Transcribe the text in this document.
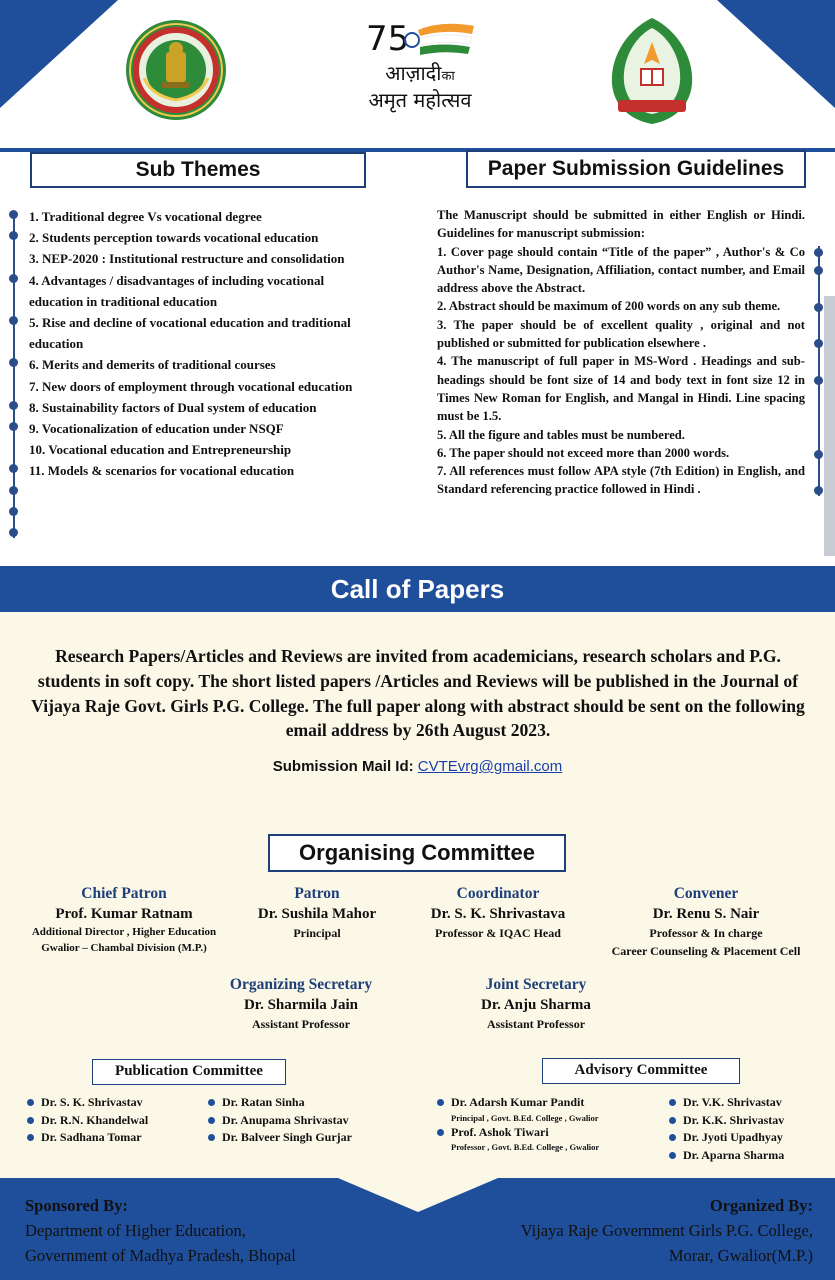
75
आज़ादीका
अमृत महोत्सव
Sub Themes	Paper Submission Guidelines
1. Traditional degree Vs vocational degree
2. Students perception towards vocational education
3. NEP-2020 : Institutional restructure and consolidation
4. Advantages / disadvantages of including vocational education in traditional education
5. Rise and decline of vocational education and traditional education
6. Merits and demerits of traditional courses
7. New doors of employment through vocational education
8. Sustainability factors of Dual system of education
9. Vocationalization of education under NSQF
10. Vocational education and Entrepreneurship
11. Models & scenarios for vocational education

The Manuscript should be submitted in either English or Hindi. Guidelines for manuscript submission:

1. Cover page should contain “Title of the paper” , Author's & Co Author's Name, Designation, Affiliation, contact number, and Email address above the Abstract.

2. Abstract should be maximum of 200 words on any sub theme.

3. The paper should be of excellent quality , original and not published or submitted for publication elsewhere .

4. The manuscript of full paper in MS-Word . Headings and sub-headings should be font size of 14 and body text in font size 12 in Times New Roman for English, and Mangal in Hindi. Line spacing must be 1.5.

5. All the figure and tables must be numbered.

6. The paper should not exceed more than 2000 words.

7. All references must follow APA style (7th Edition) in English, and Standard referencing practice followed in Hindi .

Call of Papers
Research Papers/Articles and Reviews are invited from academicians, research scholars and P.G. students in soft copy. The short listed papers /Articles and Reviews will be published in the Journal of Vijaya Raje Govt. Girls P.G. College. The full paper along with abstract should be sent on the following email address by 26th August 2023.
Submission Mail Id: CVTEvrg@gmail.com
Organising Committee
Chief Patron
Prof. Kumar Ratnam
Additional Director , Higher Education
Gwalior – Chambal Division (M.P.)
Patron
Dr. Sushila Mahor
Principal
Coordinator
Dr. S. K. Shrivastava
Professor & IQAC Head
Convener
Dr. Renu S. Nair
Professor & In charge
Career Counseling & Placement Cell
Organizing Secretary
Dr. Sharmila Jain
Assistant Professor
Joint Secretary
Dr. Anju Sharma
Assistant Professor
Publication Committee
Dr. S. K. Shrivastav
Dr. R.N. Khandelwal
Dr. Sadhana Tomar
Dr. Ratan Sinha
Dr. Anupama Shrivastav
Dr. Balveer Singh Gurjar
Advisory Committee
Dr. Adarsh Kumar Pandit
Principal , Govt. B.Ed. College , Gwalior
Prof. Ashok Tiwari
Professor , Govt. B.Ed. College , Gwalior
Dr. V.K. Shrivastav
Dr. K.K. Shrivastav
Dr. Jyoti Upadhyay
Dr. Aparna Sharma
Sponsored By:
Department of Higher Education,
Government of Madhya Pradesh, Bhopal
Organized By:
Vijaya Raje Government Girls P.G. College,
Morar, Gwalior(M.P.)
